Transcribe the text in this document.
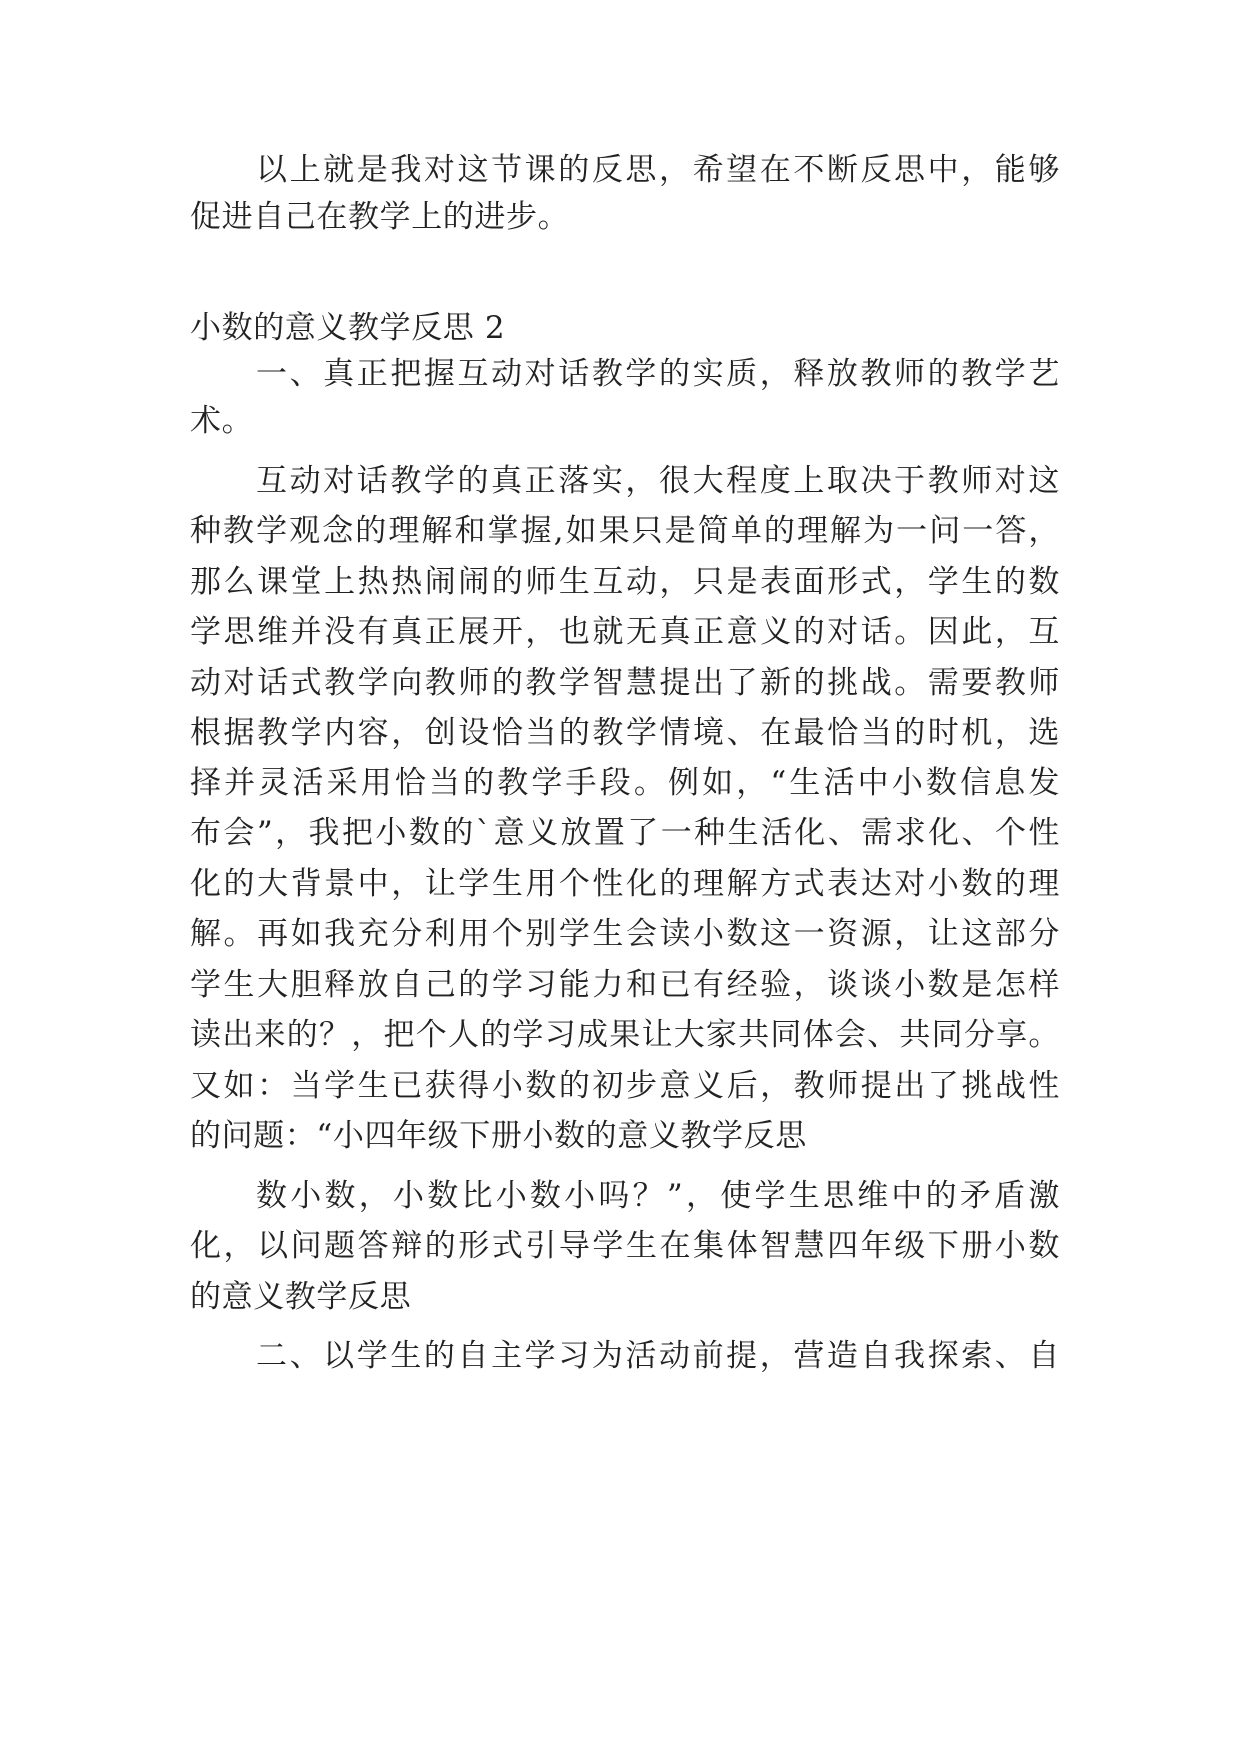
以上就是我对这节课的反思，希望在不断反思中，能够
促进自己在教学上的进步。
小数的意义教学反思 2
一、真正把握互动对话教学的实质，释放教师的教学艺
术。
互动对话教学的真正落实，很大程度上取决于教师对这
种教学观念的理解和掌握,如果只是简单的理解为一问一答，
那么课堂上热热闹闹的师生互动，只是表面形式，学生的数
学思维并没有真正展开，也就无真正意义的对话。因此，互
动对话式教学向教师的教学智慧提出了新的挑战。需要教师
根据教学内容，创设恰当的教学情境、在最恰当的时机，选
择并灵活采用恰当的教学手段。例如，“生活中小数信息发
布会”，我把小数的`意义放置了一种生活化、需求化、个性
化的大背景中，让学生用个性化的理解方式表达对小数的理
解。再如我充分利用个别学生会读小数这一资源，让这部分
学生大胆释放自己的学习能力和已有经验，谈谈小数是怎样
读出来的？，把个人的学习成果让大家共同体会、共同分享。
又如：当学生已获得小数的初步意义后，教师提出了挑战性
的问题：“小四年级下册小数的意义教学反思
数小数，小数比小数小吗？”，使学生思维中的矛盾激
化，以问题答辩的形式引导学生在集体智慧四年级下册小数
的意义教学反思
二、以学生的自主学习为活动前提，营造自我探索、自
